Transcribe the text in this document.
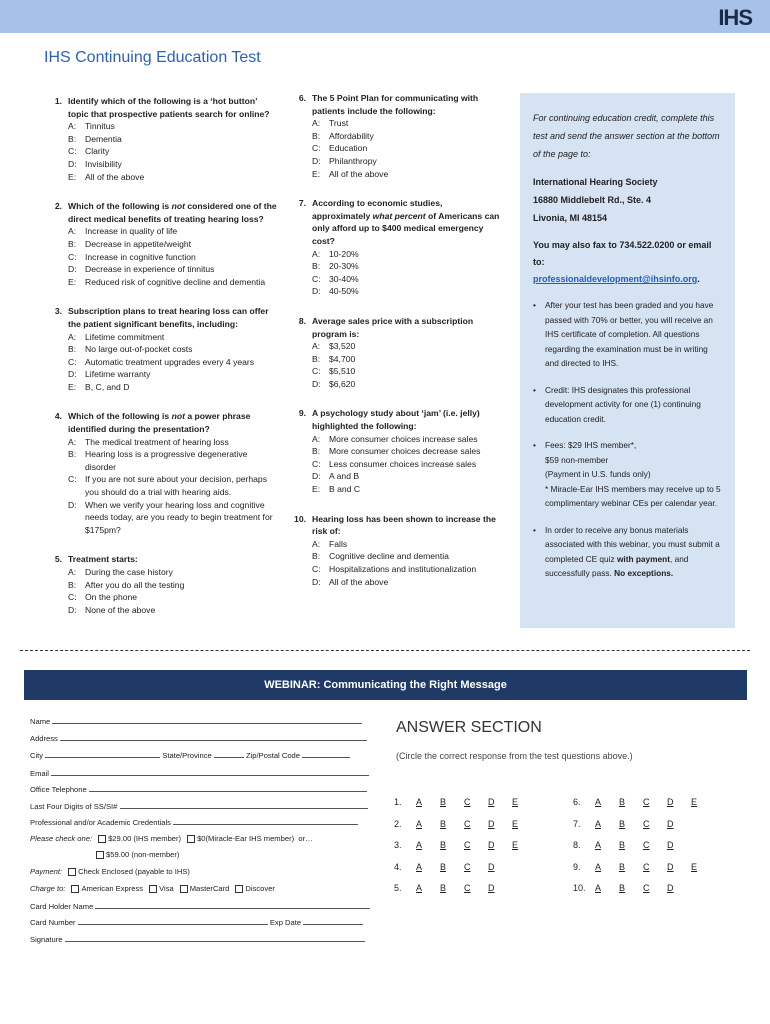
IHS
IHS Continuing Education Test
1. Identify which of the following is a ‘hot button’ topic that prospective patients search for online?
A:	Tinnitus
B:	Dementia
C: Clarity
D: Invisibility
E:	All of the above
2. Which of the following is not considered one of the direct medical benefits of treating hearing loss?
A:	Increase in quality of life
B:	Decrease in appetite/weight
C: Increase in cognitive function
D: Decrease in experience of tinnitus
E:	Reduced risk of cognitive decline and dementia
3. Subscription plans to treat hearing loss can offer the patient significant benefits, including:
A:	Lifetime commitment
B:	No large out-of-pocket costs
C: Automatic treatment upgrades every 4 years
D: Lifetime warranty
E:	B, C, and D
4. Which of the following is not a power phrase identified during the presentation?
A:	The medical treatment of hearing loss
B:	Hearing loss is a progressive degenerative disorder
C: If you are not sure about your decision, perhaps you should do a trial with hearing aids.
D: When we verify your hearing loss and cognitive needs today, are you ready to begin treatment for $175pm?
5. Treatment starts:
A:	During the case history
B:	After you do all the testing
C: On the phone
D: None of the above
6. The 5 Point Plan for communicating with patients include the following:
A:	Trust
B:	Affordability
C: Education
D: Philanthropy
E:	All of the above
7. According to economic studies, approximately what percent of Americans can only afford up to $400 medical emergency cost?
A:	10-20%
B:	20-30%
C: 30-40%
D: 40-50%
8. Average sales price with a subscription program is:
A:	$3,520
B:	$4,700
C: $5,510
D: $6,620
9. A psychology study about ‘jam’ (i.e. jelly) highlighted the following:
A:	More consumer choices increase sales
B:	More consumer choices decrease sales
C: Less consumer choices increase sales
D: A and B
E:	B and C
10. Hearing loss has been shown to increase the risk of:
A:	Falls
B:	Cognitive decline and dementia
C: Hospitalizations and institutionalization
D: All of the above
For continuing education credit, complete this test and send the answer section at the bottom of the page to:
International Hearing Society
16880 Middlebelt Rd., Ste. 4
Livonia, MI 48154
You may also fax to 734.522.0200 or email to:
professionaldevelopment@ihsinfo.org.
•	After your test has been graded and you have passed with 70% or better, you will receive an IHS certificate of completion. All questions regarding the examination must be in writing and directed to IHS.
•	Credit: IHS designates this professional development activity for one (1) continuing education credit.
•	Fees: $29 IHS member*,
$59 non-member
(Payment in U.S. funds only)
* Miracle-Ear IHS members may receive up to 5 complimentary webinar CEs per calendar year.
•	In order to receive any bonus materials associated with this webinar, you must submit a completed CE quiz with payment, and successfully pass. No exceptions.
WEBINAR: Communicating the Right Message
Name
Address
City	State/Province	Zip/Postal Code
Email
Office Telephone
Last Four Digits of SS/SI#
Professional and/or Academic Credentials
Please check one: $29.00 (IHS member) $0(Miracle-Ear IHS member) or…
$59.00 (non-member)
Payment: Check Enclosed (payable to IHS)
Charge to: American Express Visa MasterCard Discover
Card Holder Name
Card Number	Exp Date
Signature
ANSWER SECTION
(Circle the correct response from the test questions above.)
1.	A	B	C	D	E
2.	A	B	C	D	E
3.	A	B	C	D	E
4.	A	B	C	D
5.	A	B	C	D
6.	A	B	C	D	E
7.	A	B	C	D
8.	A	B	C	D
9.	A	B	C	D	E
10.	A	B	C	D
